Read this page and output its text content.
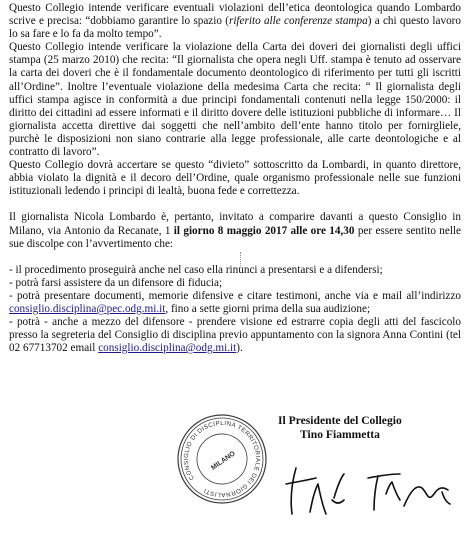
Questo Collegio intende verificare eventuali violazioni dell’etica deontologica quando Lombardo scrive e precisa: “dobbiamo garantire lo spazio (riferito alle conferenze stampa) a chi questo lavoro lo sa fare e lo fa da molto tempo”.

Questo Collegio intende verificare la violazione della Carta dei doveri dei giornalisti degli uffici stampa (25 marzo 2010) che recita: “Il giornalista che opera negli Uff. stampa è tenuto ad osservare la carta dei doveri che è il fondamentale documento deontologico di riferimento per tutti gli iscritti all’Ordine”. Inoltre l’eventuale violazione della medesima Carta che recita: “ Il giornalista degli uffici stampa agisce in conformità a due principi fondamentali contenuti nella legge 150/2000: il diritto dei cittadini ad essere informati e il diritto dovere delle istituzioni pubbliche di informare… Il giornalista accetta direttive dai soggetti che nell’ambito dell’ente hanno titolo per fornirgliele, purchè le disposizioni non siano contrarie alla legge professionale, alle carte deontologiche e al contratto di lavoro”.

Questo Collegio dovrà accertare se questo “divieto” sottoscritto da Lombardi, in quanto direttore, abbia violato la dignità e il decoro dell’Ordine, quale organismo professionale nelle sue funzioni istituzionali ledendo i principi di lealtà, buona fede e correttezza.

Il giornalista Nicola Lombardo è, pertanto, invitato a comparire davanti a questo Consiglio in Milano, via Antonio da Recanate, 1 il giorno 8 maggio 2017 alle ore 14,30 per essere sentito nelle sue discolpe con l’avvertimento che:

- il procedimento proseguirà anche nel caso ella rinunci a presentarsi e a difendersi;

- potrà farsi assistere da un difensore di fiducia;

- potrà presentare documenti, memorie difensive e citare testimoni, anche via e mail all’indirizzo consiglio.disciplina@pec.odg.mi.it, fino a sette giorni prima della sua audizione;

- potrà - anche a mezzo del difensore - prendere visione ed estrarre copia degli atti del fascicolo presso la segreteria del Consiglio di disciplina previo appuntamento con la signora Anna Contini (tel 02 67713702 email consiglio.disciplina@odg.mi.it).

CONSIGLIO DI DISCIPLINA TERRITORIALE DEI GIORNALISTI
MILANO
Il Presidente del Collegio
Tino Fiammetta
